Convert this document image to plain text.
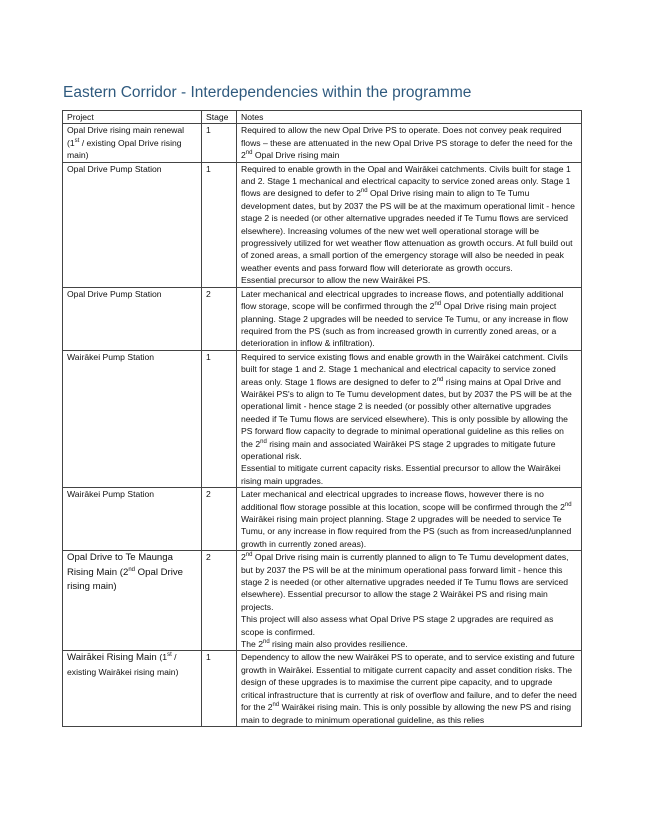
Eastern Corridor - Interdependencies within the programme
Project	Stage	Notes
Opal Drive rising main renewal (1st / existing Opal Drive rising main)	1	Required to allow the new Opal Drive PS to operate. Does not convey peak required flows – these are attenuated in the new Opal Drive PS storage to defer the need for the 2nd Opal Drive rising main

Opal Drive Pump Station	1	Required to enable growth in the Opal and Wairākei catchments. Civils built for stage 1 and 2. Stage 1 mechanical and electrical capacity to service zoned areas only. Stage 1 flows are designed to defer to 2nd Opal Drive rising main to align to Te Tumu development dates, but by 2037 the PS will be at the maximum operational limit - hence stage 2 is needed (or other alternative upgrades needed if Te Tumu flows are serviced elsewhere). Increasing volumes of the new wet well operational storage will be progressively utilized for wet weather flow attenuation as growth occurs. At full build out of zoned areas, a small portion of the emergency storage will also be needed in peak weather events and pass forward flow will deteriorate as growth occurs.
Essential precursor to allow the new Wairākei PS.

Opal Drive Pump Station	2	Later mechanical and electrical upgrades to increase flows, and potentially additional flow storage, scope will be confirmed through the 2nd Opal Drive rising main project planning. Stage 2 upgrades will be needed to service Te Tumu, or any increase in flow required from the PS (such as from increased growth in currently zoned areas, or a deterioration in inflow & infiltration).

Wairākei Pump Station	1	Required to service existing flows and enable growth in the Wairākei catchment. Civils built for stage 1 and 2. Stage 1 mechanical and electrical capacity to service zoned areas only. Stage 1 flows are designed to defer to 2nd rising mains at Opal Drive and Wairākei PS's to align to Te Tumu development dates, but by 2037 the PS will be at the operational limit - hence stage 2 is needed (or possibly other alternative upgrades needed if Te Tumu flows are serviced elsewhere). This is only possible by allowing the PS forward flow capacity to degrade to minimal operational guideline as this relies on the 2nd rising main and associated Wairākei PS stage 2 upgrades to mitigate future operational risk.
Essential to mitigate current capacity risks. Essential precursor to allow the Wairākei rising main upgrades.

Wairākei Pump Station	2	Later mechanical and electrical upgrades to increase flows, however there is no additional flow storage possible at this location, scope will be confirmed through the 2nd Wairākei rising main project planning. Stage 2 upgrades will be needed to service Te Tumu, or any increase in flow required from the PS (such as from increased/unplanned growth in currently zoned areas).

Opal Drive to Te Maunga Rising Main (2nd Opal Drive rising main)	2	2nd Opal Drive rising main is currently planned to align to Te Tumu development dates, but by 2037 the PS will be at the minimum operational pass forward limit - hence this stage 2 is needed (or other alternative upgrades needed if Te Tumu flows are serviced elsewhere). Essential precursor to allow the stage 2 Wairākei PS and rising main projects.
This project will also assess what Opal Drive PS stage 2 upgrades are required as scope is confirmed.
The 2nd rising main also provides resilience.

Wairākei Rising Main (1st / existing Wairākei rising main)	1	Dependency to allow the new Wairākei PS to operate, and to service existing and future growth in Wairākei. Essential to mitigate current capacity and asset condition risks. The design of these upgrades is to maximise the current pipe capacity, and to upgrade critical infrastructure that is currently at risk of overflow and failure, and to defer the need for the 2nd Wairākei rising main. This is only possible by allowing the new PS and rising main to degrade to minimum operational guideline, as this relies
